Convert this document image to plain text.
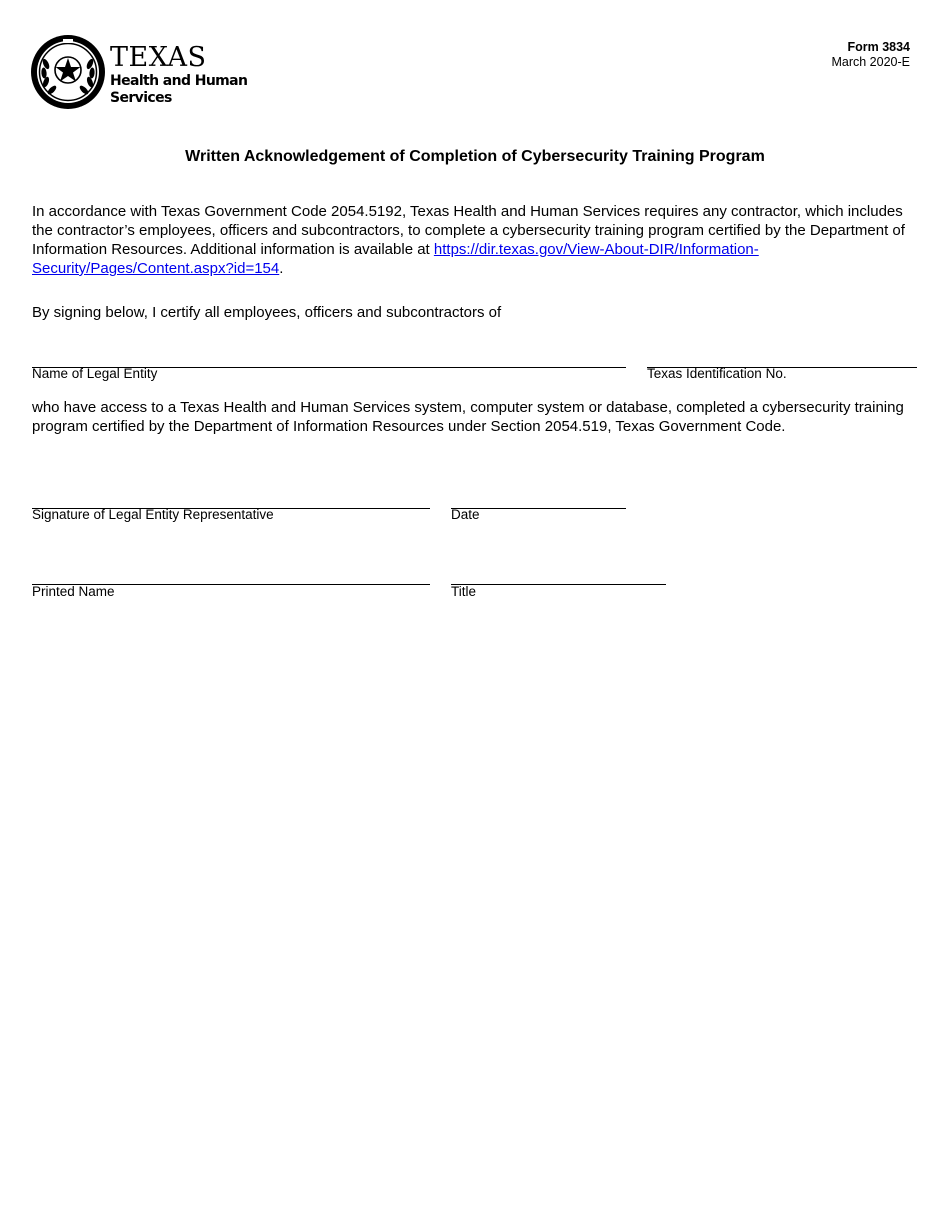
TEXAS
Health and Human
Services
Form 3834
March 2020-E
Written Acknowledgement of Completion of Cybersecurity Training Program
In accordance with Texas Government Code 2054.5192, Texas Health and Human Services requires any contractor, which includes the contractor’s employees, officers and subcontractors, to complete a cybersecurity training program certified by the Department of Information Resources. Additional information is available at https://dir.texas.gov/View-About-DIR/Information-Security/Pages/Content.aspx?id=154.
By signing below, I certify all employees, officers and subcontractors of
Name of Legal Entity	Texas Identification No.
who have access to a Texas Health and Human Services system, computer system or database, completed a cybersecurity training program certified by the Department of Information Resources under Section 2054.519, Texas Government Code.
Signature of Legal Entity Representative	Date
Printed Name	Title
